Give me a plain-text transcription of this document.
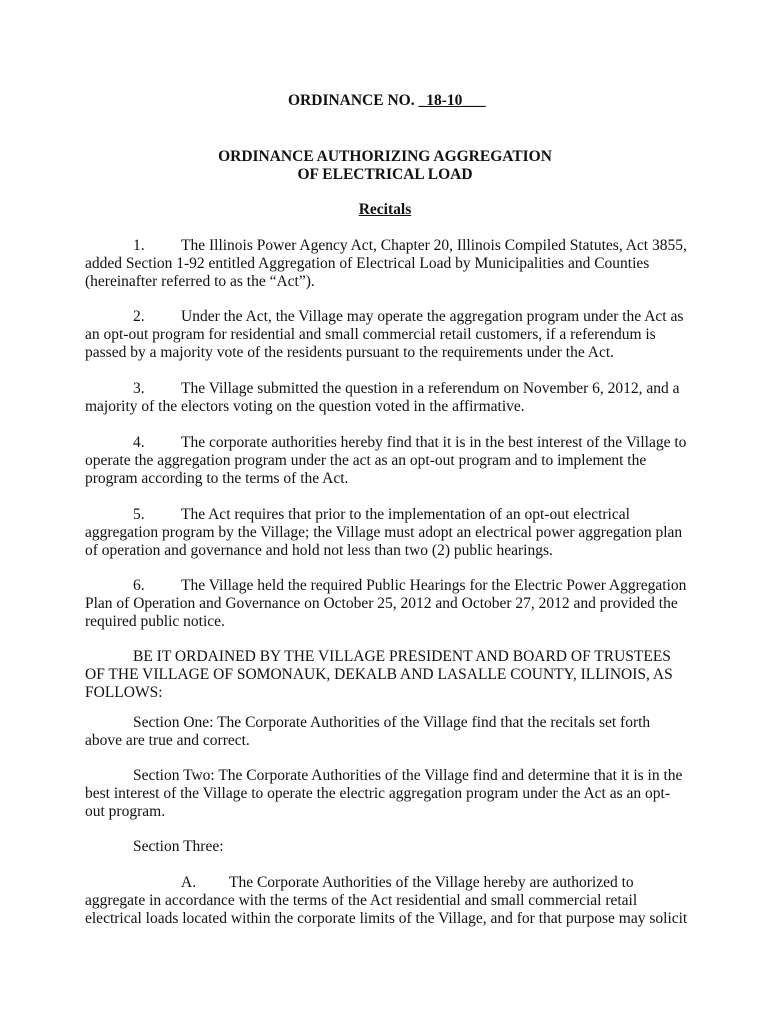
ORDINANCE NO. _18-10___
ORDINANCE AUTHORIZING AGGREGATION
OF ELECTRICAL LOAD
Recitals
1. The Illinois Power Agency Act, Chapter 20, Illinois Compiled Statutes, Act 3855,
added Section 1-92 entitled Aggregation of Electrical Load by Municipalities and Counties
(hereinafter referred to as the “Act”).
2. Under the Act, the Village may operate the aggregation program under the Act as
an opt-out program for residential and small commercial retail customers, if a referendum is
passed by a majority vote of the residents pursuant to the requirements under the Act.
3. The Village submitted the question in a referendum on November 6, 2012, and a
majority of the electors voting on the question voted in the affirmative.
4. The corporate authorities hereby find that it is in the best interest of the Village to
operate the aggregation program under the act as an opt-out program and to implement the
program according to the terms of the Act.
5. The Act requires that prior to the implementation of an opt-out electrical
aggregation program by the Village; the Village must adopt an electrical power aggregation plan
of operation and governance and hold not less than two (2) public hearings.
6. The Village held the required Public Hearings for the Electric Power Aggregation
Plan of Operation and Governance on October 25, 2012 and October 27, 2012 and provided the
required public notice.
BE IT ORDAINED BY THE VILLAGE PRESIDENT AND BOARD OF TRUSTEES
OF THE VILLAGE OF SOMONAUK, DEKALB AND LASALLE COUNTY, ILLINOIS, AS
FOLLOWS:
Section One: The Corporate Authorities of the Village find that the recitals set forth
above are true and correct.
Section Two: The Corporate Authorities of the Village find and determine that it is in the
best interest of the Village to operate the electric aggregation program under the Act as an opt-
out program.
Section Three:
A. The Corporate Authorities of the Village hereby are authorized to
aggregate in accordance with the terms of the Act residential and small commercial retail
electrical loads located within the corporate limits of the Village, and for that purpose may solicit
